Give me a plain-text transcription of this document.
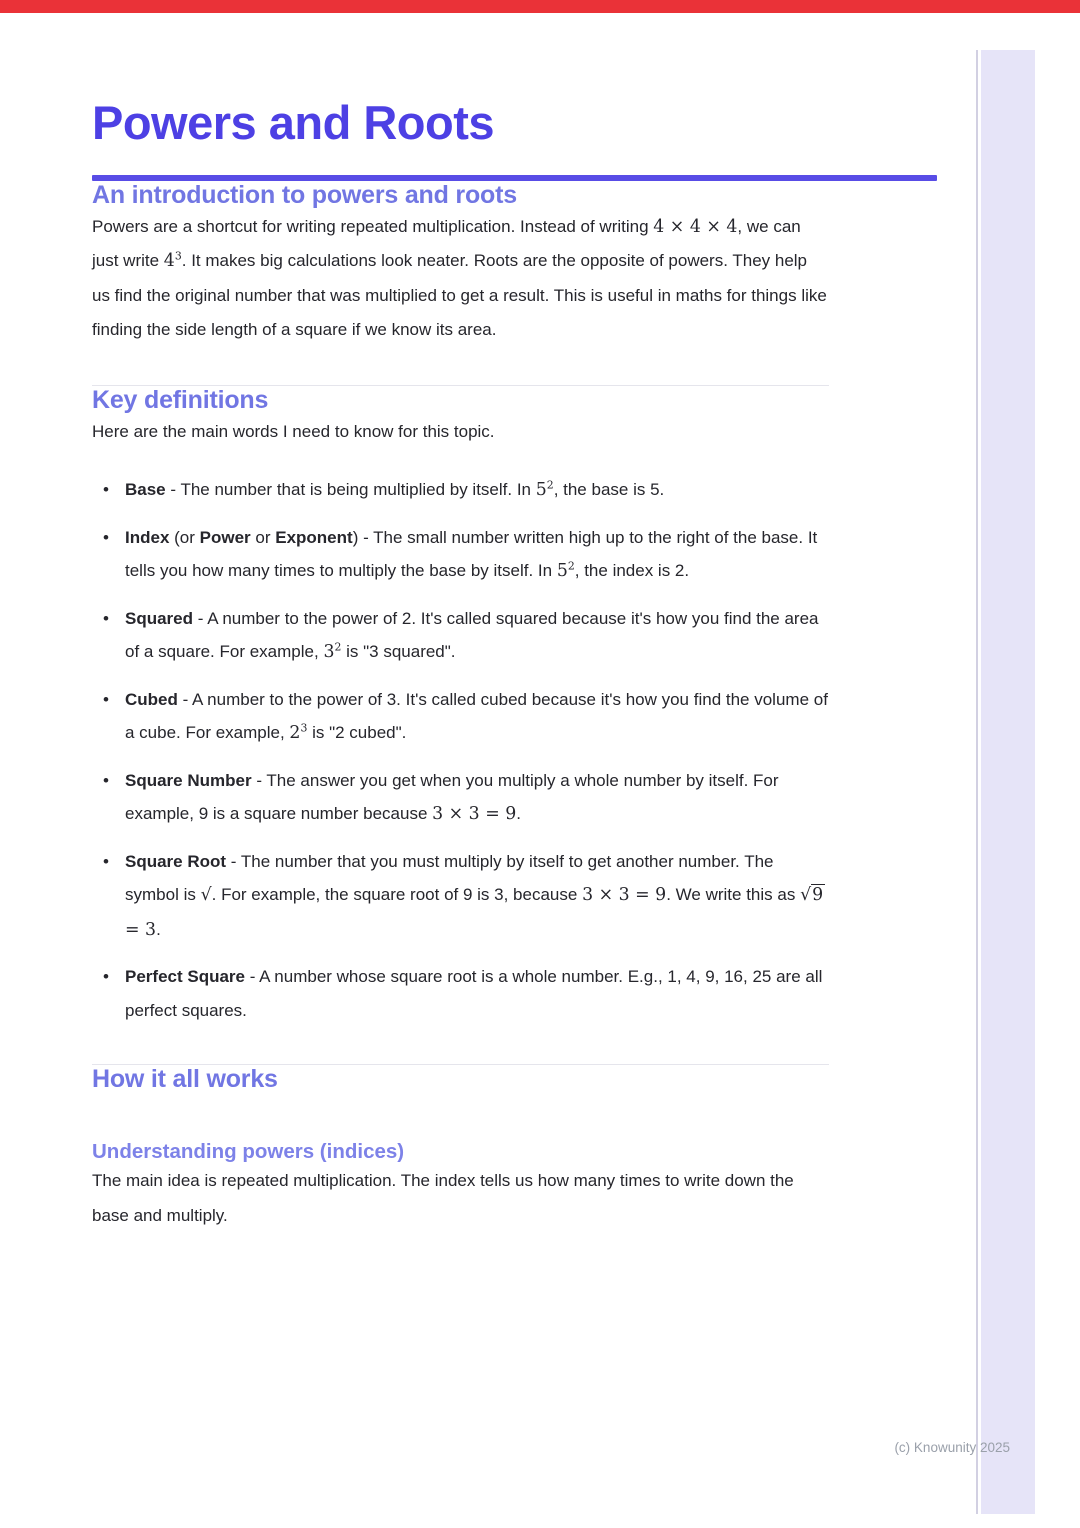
(c) Knowunity 2025
Powers and Roots
An introduction to powers and roots

Powers are a shortcut for writing repeated multiplication. Instead of writing 4 × 4 × 4, we can just write $4^3$. It makes big calculations look neater. Roots are the opposite of powers. They help us find the original number that was multiplied to get a result. This is useful in maths for things like finding the side length of a square if we know its area.

Key definitions

Here are the main words I need to know for this topic.

• Base - The number that is being multiplied by itself. In $5^2$, the base is 5.
• Index (or Power or Exponent) - The small number written high up to the right of the base. It tells you how many times to multiply the base by itself. In $5^2$, the index is 2.
• Squared - A number to the power of 2. It's called squared because it's how you find the area of a square. For example, $3^2$ is "3 squared".
• Cubed - A number to the power of 3. It's called cubed because it's how you find the volume of a cube. For example, $2^3$ is "2 cubed".
• Square Number - The answer you get when you multiply a whole number by itself. For example, 9 is a square number because 3 × 3 = 9.
• Square Root - The number that you must multiply by itself to get another number. The symbol is √. For example, the square root of 9 is 3, because 3 × 3 = 9. We write this as √9 = 3.
• Perfect Square - A number whose square root is a whole number. E.g., 1, 4, 9, 16, 25 are all perfect squares.
How it all works
Understanding powers (indices)

The main idea is repeated multiplication. The index tells us how many times to write down the base and multiply.
